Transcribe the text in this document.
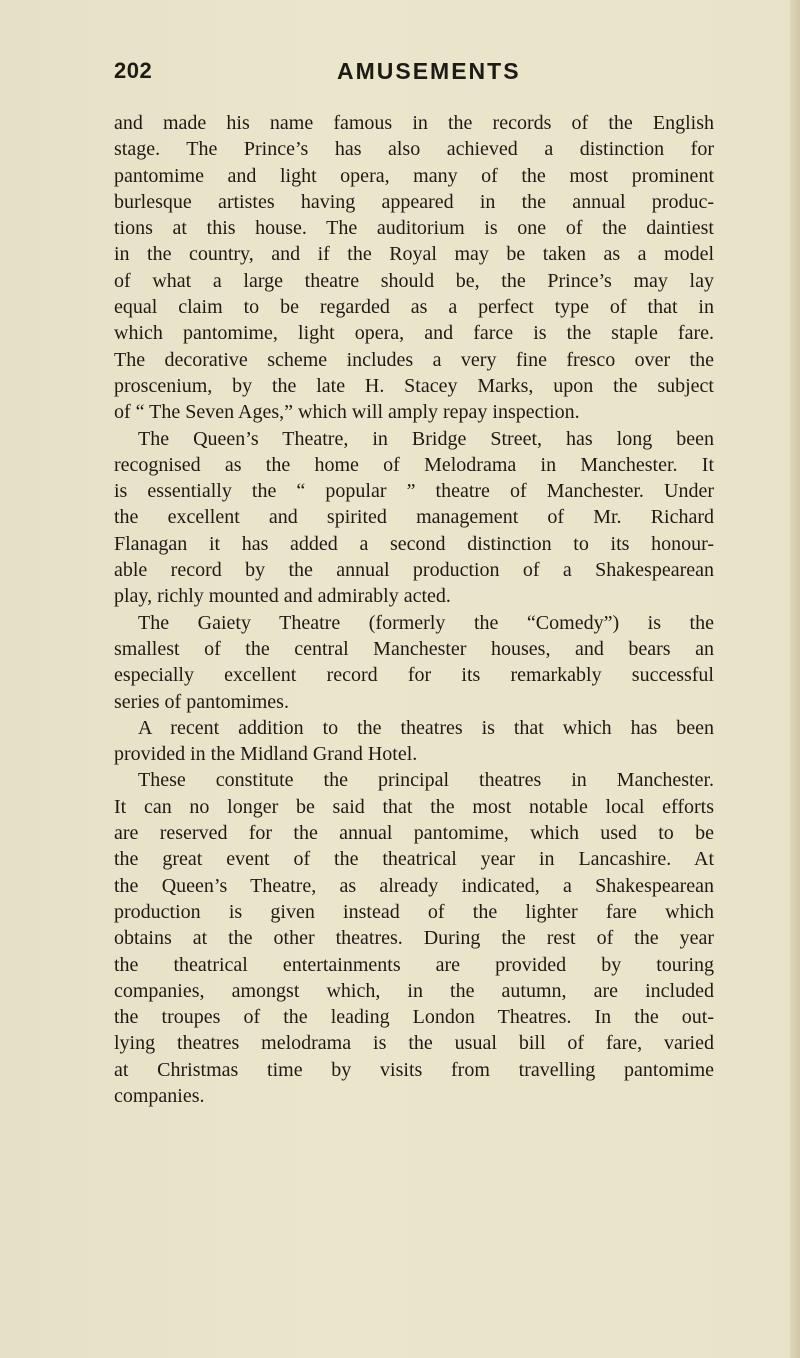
202	AMUSEMENTS
and made his name famous in the records of the English
stage. The Prince’s has also achieved a distinction for
pantomime and light opera, many of the most prominent
burlesque artistes having appeared in the annual produc-
tions at this house. The auditorium is one of the daintiest
in the country, and if the Royal may be taken as a model
of what a large theatre should be, the Prince’s may lay
equal claim to be regarded as a perfect type of that in
which pantomime, light opera, and farce is the staple fare.
The decorative scheme includes a very fine fresco over the
proscenium, by the late H. Stacey Marks, upon the subject
of “ The Seven Ages,” which will amply repay inspection.
The Queen’s Theatre, in Bridge Street, has long been
recognised as the home of Melodrama in Manchester. It
is essentially the “ popular ” theatre of Manchester. Under
the excellent and spirited management of Mr. Richard
Flanagan it has added a second distinction to its honour-
able record by the annual production of a Shakespearean
play, richly mounted and admirably acted.
The Gaiety Theatre (formerly the “Comedy”) is the
smallest of the central Manchester houses, and bears an
especially excellent record for its remarkably successful
series of pantomimes.
A recent addition to the theatres is that which has been
provided in the Midland Grand Hotel.
These constitute the principal theatres in Manchester.
It can no longer be said that the most notable local efforts
are reserved for the annual pantomime, which used to be
the great event of the theatrical year in Lancashire. At
the Queen’s Theatre, as already indicated, a Shakespearean
production is given instead of the lighter fare which
obtains at the other theatres. During the rest of the year
the theatrical entertainments are provided by touring
companies, amongst which, in the autumn, are included
the troupes of the leading London Theatres. In the out-
lying theatres melodrama is the usual bill of fare, varied
at Christmas time by visits from travelling pantomime
companies.
